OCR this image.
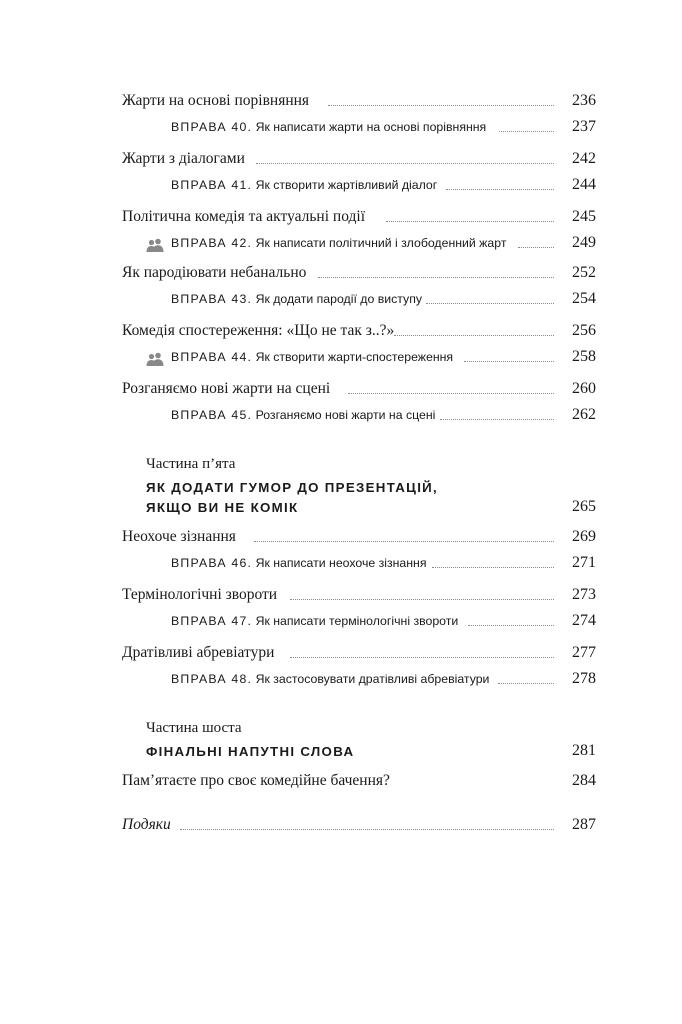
Жарти на основі порівняння	236
ВПРАВА 40. Як написати жарти на основі порівняння	237
Жарти з діалогами	242
ВПРАВА 41. Як створити жартівливий діалог	244
Політична комедія та актуальні події	245
ВПРАВА 42. Як написати політичний і злободенний жарт	249
Як пародіювати небанально	252
ВПРАВА 43. Як додати пародії до виступу	254
Комедія спостереження: «Що не так з..?»	256
ВПРАВА 44. Як створити жарти-спостереження	258
Розганяємо нові жарти на сцені	260
ВПРАВА 45. Розганяємо нові жарти на сцені	262
Частина п’ята
ЯК ДОДАТИ ГУМОР ДО ПРЕЗЕНТАЦІЙ,
ЯКЩО ВИ НЕ КОМІК	265
Неохоче зізнання	269
ВПРАВА 46. Як написати неохоче зізнання	271
Термінологічні звороти	273
ВПРАВА 47. Як написати термінологічні звороти	274
Дратівливі абревіатури	277
ВПРАВА 48. Як застосовувати дратівливі абревіатури	278
Частина шоста
ФІНАЛЬНІ НАПУТНІ СЛОВА	281
Пам’ятаєте про своє комедійне бачення?	284
Подяки	287
